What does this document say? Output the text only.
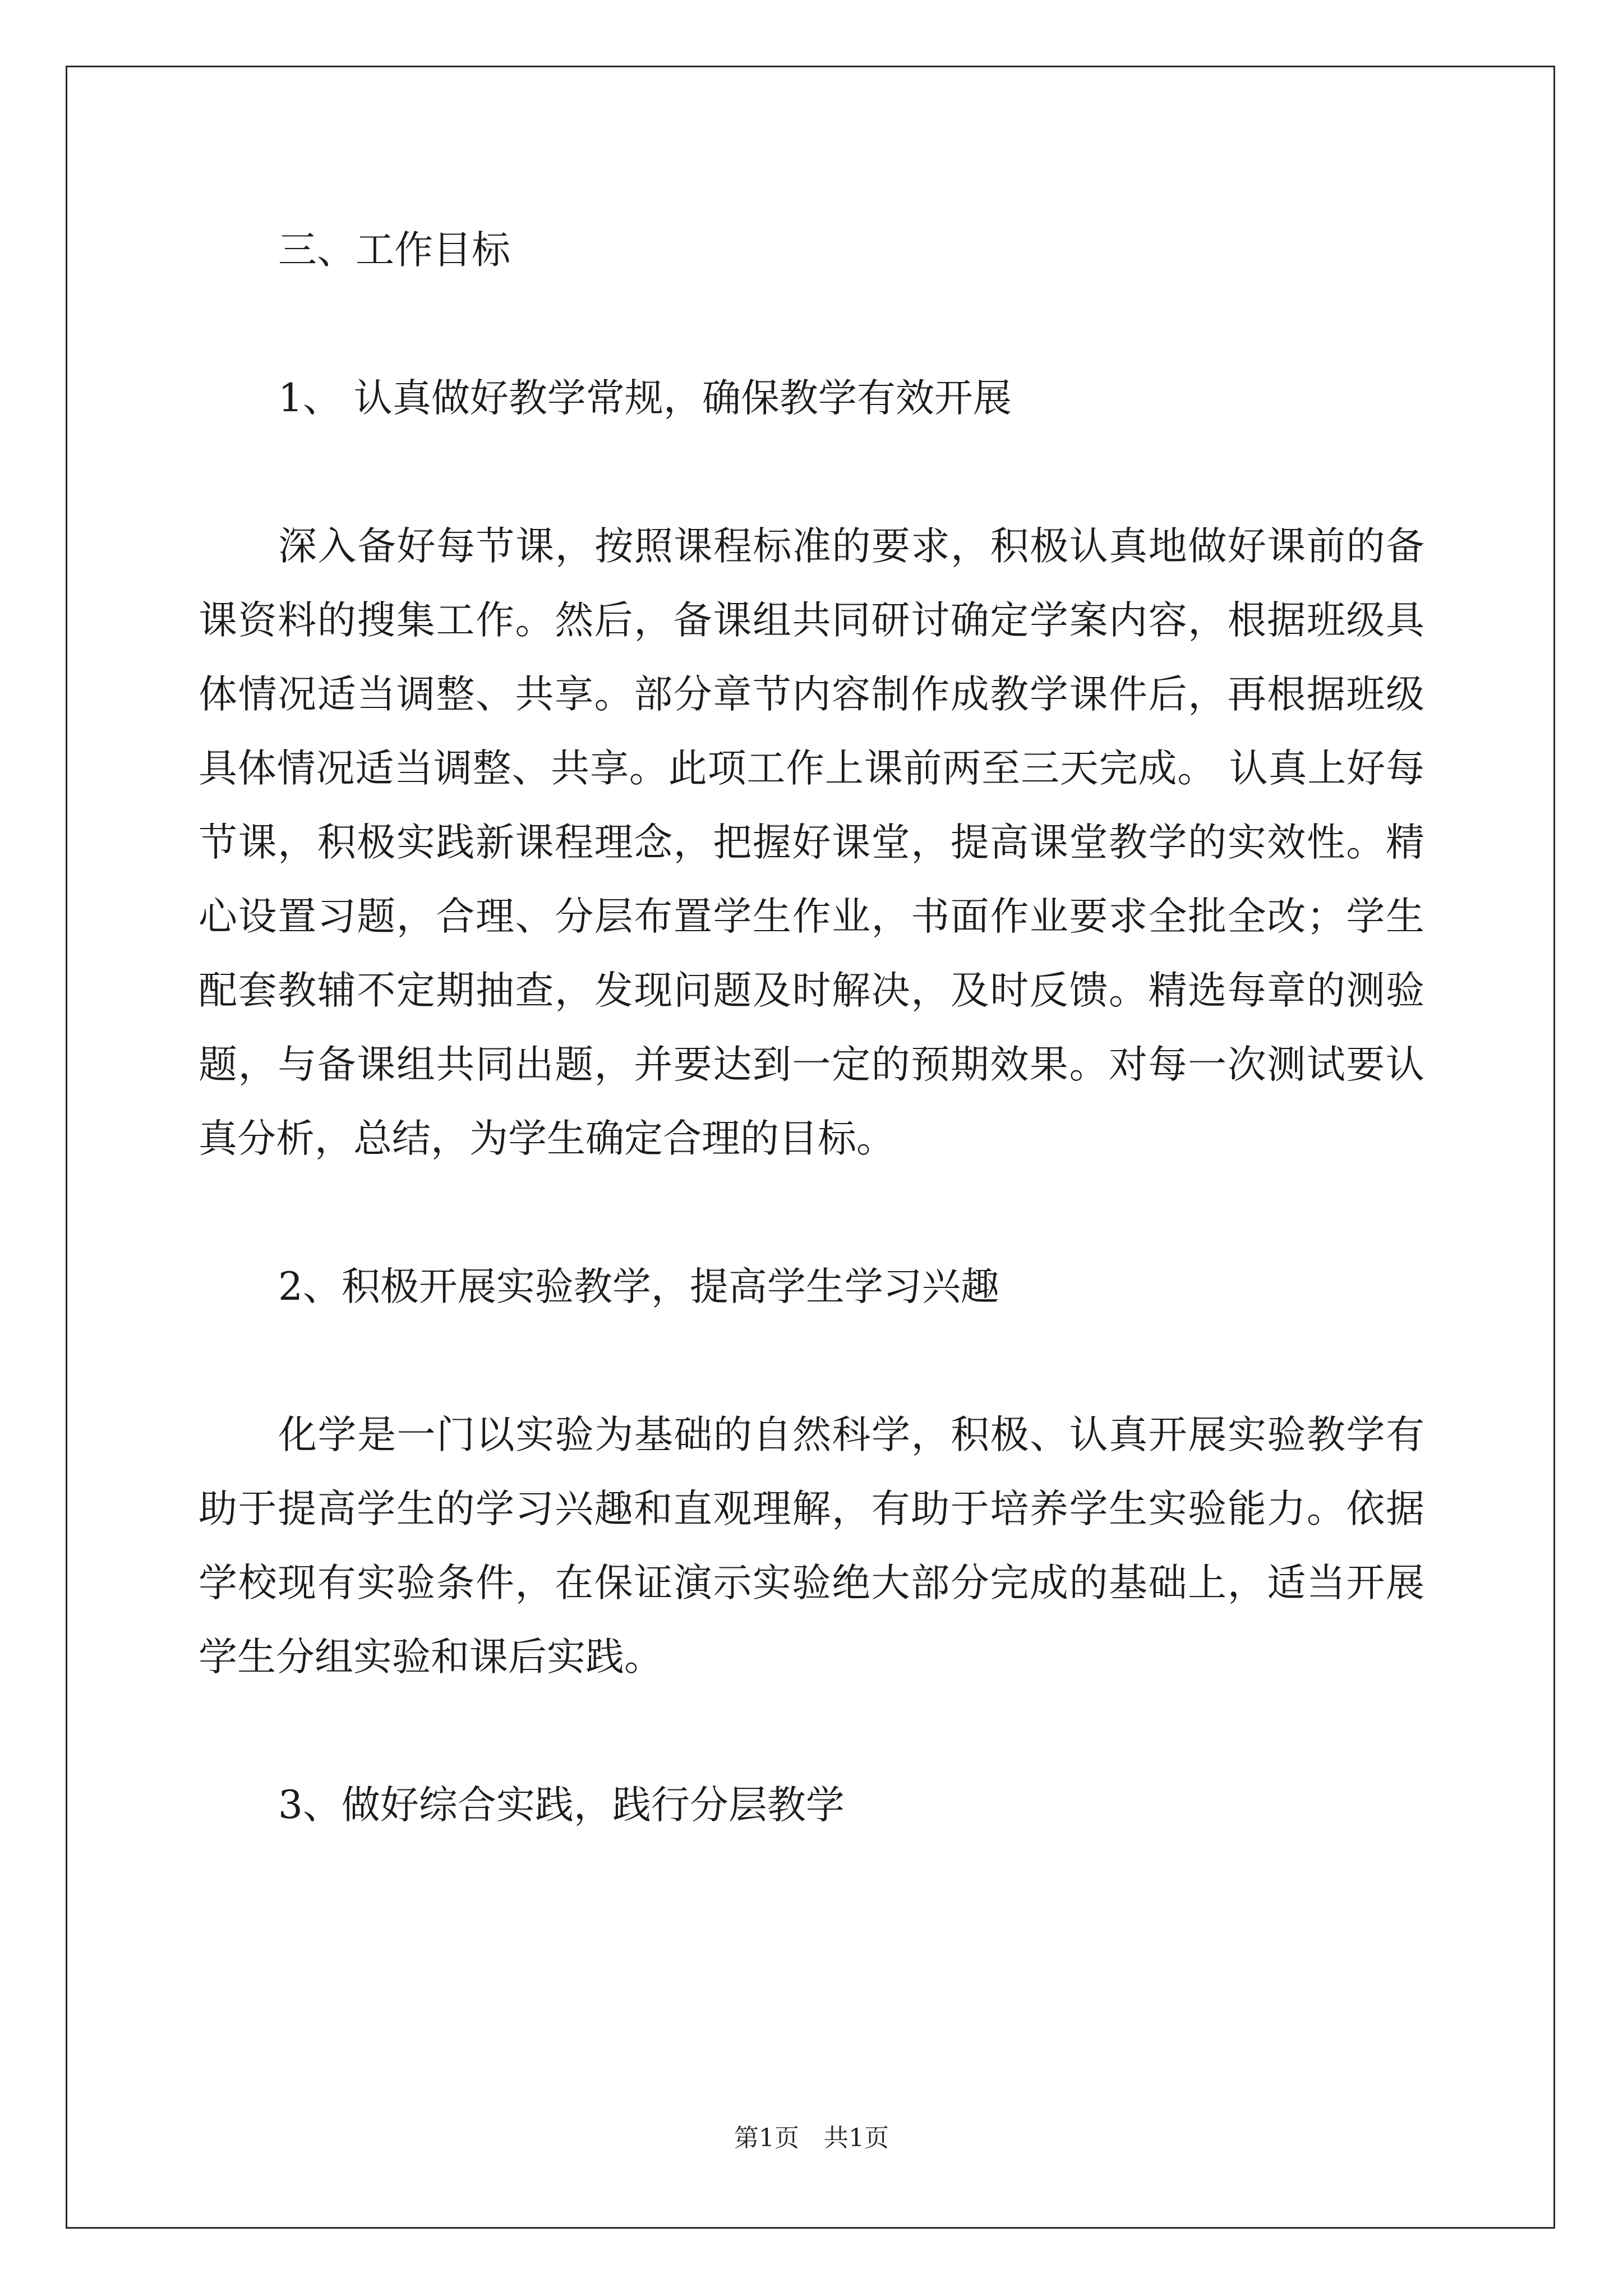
三、工作目标

1、 认真做好教学常规，确保教学有效开展

深入备好每节课，按照课程标准的要求，积极认真地做好课前的备课资料的搜集工作。然后，备课组共同研讨确定学案内容，根据班级具体情况适当调整、共享。部分章节内容制作成教学课件后，再根据班级具体情况适当调整、共享。此项工作上课前两至三天完成。 认真上好每节课，积极实践新课程理念，把握好课堂，提高课堂教学的实效性。精心设置习题，合理、分层布置学生作业，书面作业要求全批全改；学生配套教辅不定期抽查，发现问题及时解决，及时反馈。精选每章的测验题，与备课组共同出题，并要达到一定的预期效果。对每一次测试要认真分析，总结，为学生确定合理的目标。

2、积极开展实验教学，提高学生学习兴趣

化学是一门以实验为基础的自然科学，积极、认真开展实验教学有助于提高学生的学习兴趣和直观理解，有助于培养学生实验能力。依据学校现有实验条件，在保证演示实验绝大部分完成的基础上，适当开展学生分组实验和课后实践。

3、做好综合实践，践行分层教学

第1页 共1页
